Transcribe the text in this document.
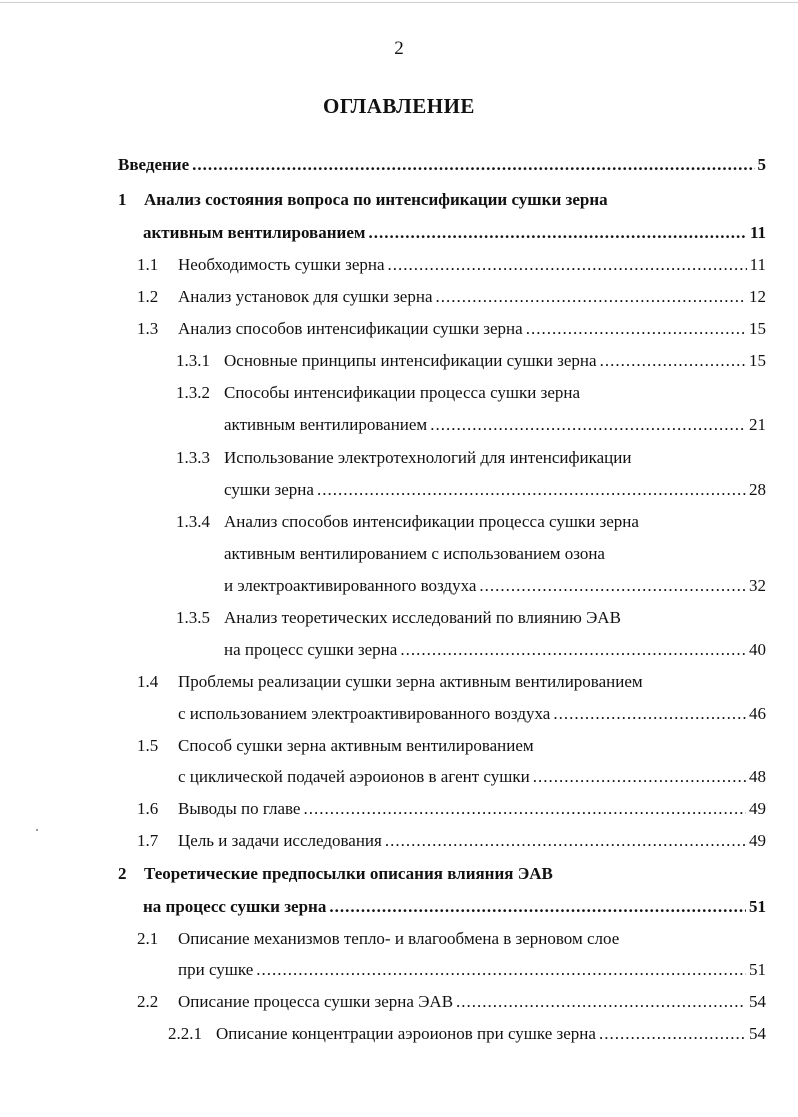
2
ОГЛАВЛЕНИЕ
Введение .....	5
1	Анализ состояния вопроса по интенсификации сушки зерна
активным вентилированием .....	11
1.1	Необходимость сушки зерна .....	11
1.2	Анализ установок для сушки зерна .....	12
1.3	Анализ способов интенсификации сушки зерна .....	15
1.3.1 Основные принципы интенсификации сушки зерна .....	15
1.3.2 Способы интенсификации процесса сушки зерна
активным вентилированием .....	21
1.3.3 Использование электротехнологий для интенсификации
сушки зерна .....	28
1.3.4 Анализ способов интенсификации процесса сушки зерна
активным вентилированием с использованием озона
и электроактивированного воздуха .....	32
1.3.5 Анализ теоретических исследований по влиянию ЭАВ
на процесс сушки зерна .....	40
1.4	Проблемы реализации сушки зерна активным вентилированием
с использованием электроактивированного воздуха .....	46
1.5	Способ сушки зерна активным вентилированием
с циклической подачей аэроионов в агент сушки .....	48
1.6	Выводы по главе .....	49
1.7	Цель и задачи исследования .....	49
2	Теоретические предпосылки описания влияния ЭАВ
на процесс сушки зерна .....	51
2.1	Описание механизмов тепло- и влагообмена в зерновом слое
при сушке .....	51
2.2	Описание процесса сушки зерна ЭАВ .....	54
2.2.1 Описание концентрации аэроионов при сушке зерна .....	54
